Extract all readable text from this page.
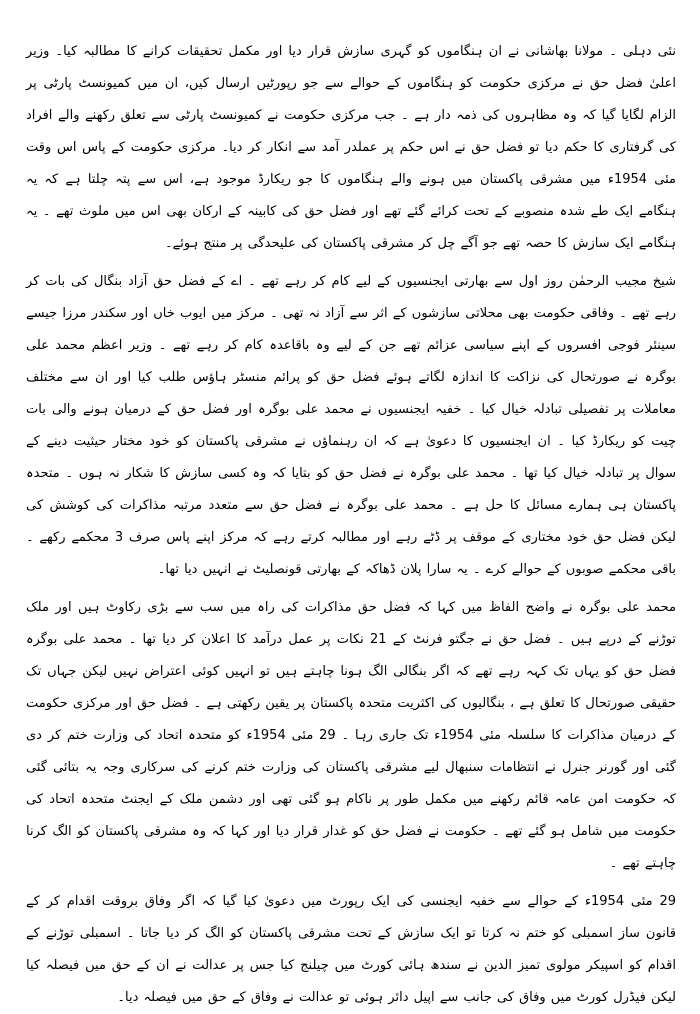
نئی دہلی ۔ مولانا بھاشانی نے ان ہنگاموں کو گہری سازش قرار دیا اور مکمل تحقیقات کرانے کا مطالبہ کیا۔ وزیر اعلیٰ فضل حق نے مرکزی حکومت کو ہنگاموں کے حوالے سے جو رپورٹیں ارسال کیں، ان میں کمیونسٹ پارٹی پر الزام لگایا گیا کہ وہ مظاہروں کی ذمہ دار ہے ۔ جب مرکزی حکومت نے کمیونسٹ پارٹی سے تعلق رکھنے والے افراد کی گرفتاری کا حکم دیا تو فضل حق نے اس حکم پر عملدر آمد سے انکار کر دیا۔ مرکزی حکومت کے پاس اس وقت مئی 1954ء میں مشرقی پاکستان میں ہونے والے ہنگاموں کا جو ریکارڈ موجود ہے، اس سے پتہ چلتا ہے کہ یہ ہنگامے ایک طے شدہ منصوبے کے تحت کرائے گئے تھے اور فضل حق کی کابینہ کے ارکان بھی اس میں ملوث تھے ۔ یہ ہنگامے ایک سازش کا حصہ تھے جو آگے چل کر مشرقی پاکستان کی علیحدگی پر منتج ہوئے۔

شیخ مجیب الرحمٰن روز اول سے بھارتی ایجنسیوں کے لیے کام کر رہے تھے ۔ اے کے فضل حق آزاد بنگال کی بات کر رہے تھے ۔ وفاقی حکومت بھی محلاتی سازشوں کے اثر سے آزاد نہ تھی ۔ مرکز میں ایوب خاں اور سکندر مرزا جیسے سینئر فوجی افسروں کے اپنے سیاسی عزائم تھے جن کے لیے وہ باقاعدہ کام کر رہے تھے ۔ وزیر اعظم محمد علی بوگرہ نے صورتحال کی نزاکت کا اندازہ لگاتے ہوئے فضل حق کو پرائم منسٹر ہاؤس طلب کیا اور ان سے مختلف معاملات پر تفصیلی تبادلہ خیال کیا ۔ خفیہ ایجنسیوں نے محمد علی بوگرہ اور فضل حق کے درمیان ہونے والی بات چیت کو ریکارڈ کیا ۔ ان ایجنسیوں کا دعویٰ ہے کہ ان رہنماؤں نے مشرقی پاکستان کو خود مختار حیثیت دینے کے سوال پر تبادلہ خیال کیا تھا ۔ محمد علی بوگرہ نے فضل حق کو بتایا کہ وہ کسی سازش کا شکار نہ ہوں ۔ متحدہ پاکستان ہی ہمارے مسائل کا حل ہے ۔ محمد علی بوگرہ نے فضل حق سے متعدد مرتبہ مذاکرات کی کوشش کی لیکن فضل حق خود مختاری کے موقف پر ڈٹے رہے اور مطالبہ کرتے رہے کہ مرکز اپنے پاس صرف 3 محکمے رکھے ۔ باقی محکمے صوبوں کے حوالے کرے ۔ یہ سارا پلان ڈھاکہ کے بھارتی قونصلیٹ نے انہیں دیا تھا۔

محمد علی بوگرہ نے واضح الفاظ میں کہا کہ فضل حق مذاکرات کی راہ میں سب سے بڑی رکاوٹ ہیں اور ملک توڑنے کے درپے ہیں ۔ فضل حق نے جگتو فرنٹ کے 21 نکات پر عمل درآمد کا اعلان کر دیا تھا ۔ محمد علی بوگرہ فضل حق کو یہاں تک کہہ رہے تھے کہ اگر بنگالی الگ ہونا چاہتے ہیں تو انہیں کوئی اعتراض نہیں لیکن جہاں تک حقیقی صورتحال کا تعلق ہے ، بنگالیوں کی اکثریت متحدہ پاکستان پر یقین رکھتی ہے ۔ فضل حق اور مرکزی حکومت کے درمیان مذاکرات کا سلسلہ مئی 1954ء تک جاری رہا ۔ 29 مئی 1954ء کو متحدہ اتحاد کی وزارت ختم کر دی گئی اور گورنر جنرل نے انتظامات سنبھال لیے مشرقی پاکستان کی وزارت ختم کرنے کی سرکاری وجہ یہ بتائی گئی کہ حکومت امن عامہ قائم رکھنے میں مکمل طور پر ناکام ہو گئی تھی اور دشمن ملک کے ایجنٹ متحدہ اتحاد کی حکومت میں شامل ہو گئے تھے ۔ حکومت نے فضل حق کو غدار قرار دیا اور کہا کہ وہ مشرقی پاکستان کو الگ کرنا چاہتے تھے ۔

29 مئی 1954ء کے حوالے سے خفیہ ایجنسی کی ایک رپورٹ میں دعویٰ کیا گیا کہ اگر وفاق بروقت اقدام کر کے قانون ساز اسمبلی کو ختم نہ کرتا تو ایک سازش کے تحت مشرقی پاکستان کو الگ کر دیا جاتا ۔ اسمبلی توڑنے کے اقدام کو اسپیکر مولوی تمیز الدین نے سندھ ہائی کورٹ میں چیلنج کیا جس پر عدالت نے ان کے حق میں فیصلہ کیا لیکن فیڈرل کورٹ میں وفاق کی جانب سے اپیل دائر ہوئی تو عدالت نے وفاق کے حق میں فیصلہ دیا۔
